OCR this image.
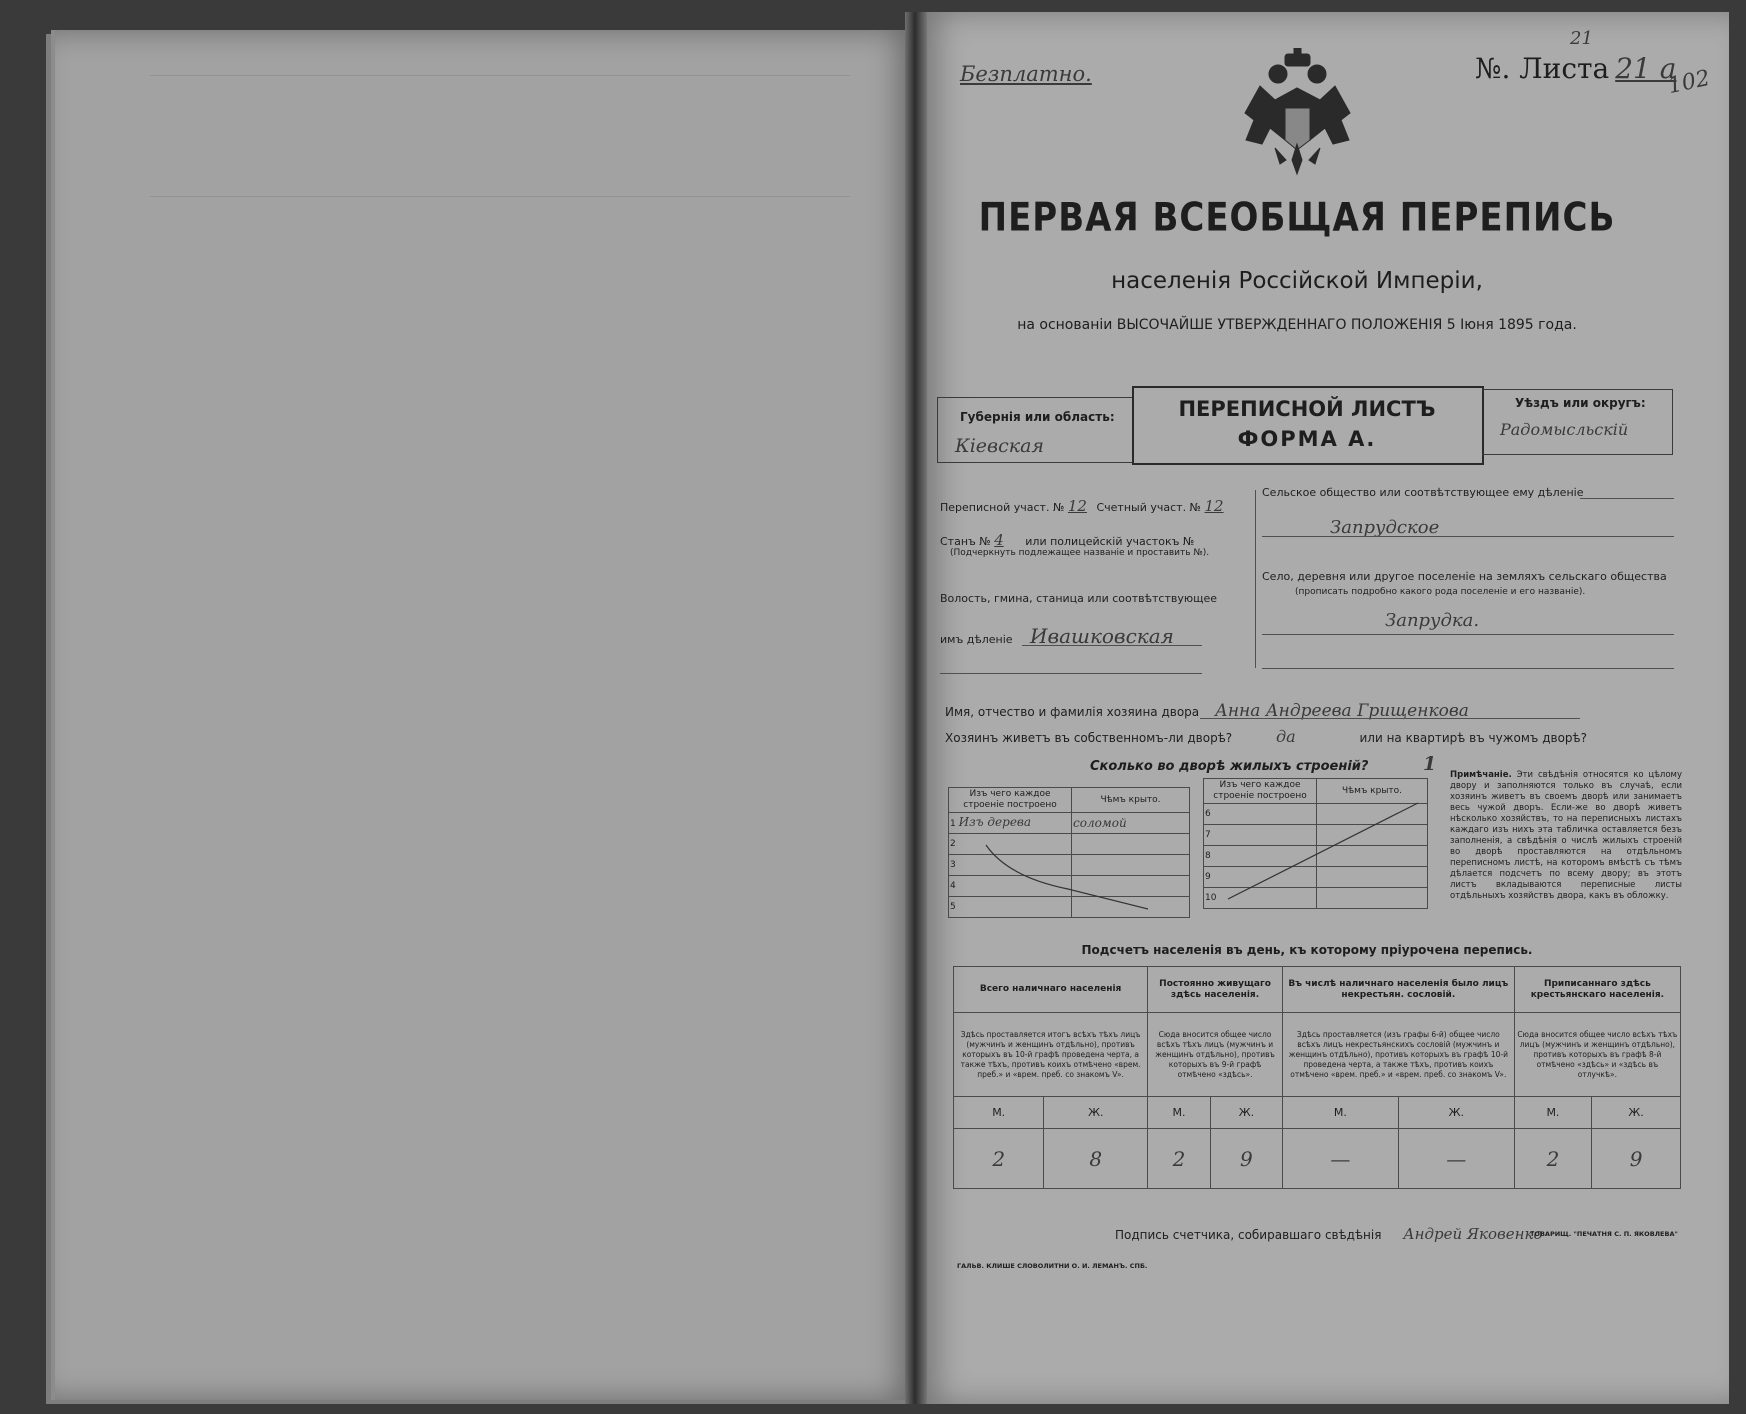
Безплатно.	№. Листа 21 а
21
102
ПЕРВАЯ ВСЕОБЩАЯ ПЕРЕПИСЬ
населенія Россійской Имперіи,
на основаніи ВЫСОЧАЙШЕ УТВЕРЖДЕННАГО ПОЛОЖЕНІЯ 5 Іюня 1895 года.
Губернія или область:
Кіевская
ПЕРЕПИСНОЙ ЛИСТЪ
ФОРМА А.
Уѣздъ или округъ:
Радомысльскій
Переписной участ. № 12 Счетный участ. № 12
Станъ № 4 или полицейскій участокъ №
(Подчеркнуть подлежащее названіе и проставить №).
Волость, гмина, станица или соотвѣтствующее
имъ дѣленіе Ивашковская
Сельское общество или соотвѣтствующее ему дѣленіе
Запрудское
Село, деревня или другое поселеніе на земляхъ сельскаго общества
(прописать подробно какого рода поселеніе и его названіе).
Запрудка.
Имя, отчество и фамилія хозяина двора Анна Андреева Грищенкова
Хозяинъ живетъ въ собственномъ-ли дворѣ?	да	или на квартирѣ въ чужомъ дворѣ?
Сколько во дворѣ жилыхъ строеній?	1
Изъ чего каждое строеніе построено	Чѣмъ крыто.
1 Изъ дерева	соломой
2	
3	
4	
5	
Изъ чего каждое строеніе построено	Чѣмъ крыто.
6	
7	
8	
9	
10	
Примѣчаніе. Эти свѣдѣнія относятся ко цѣлому двору и заполняются только въ случаѣ, если хозяинъ живетъ въ своемъ дворѣ или занимаетъ весь чужой дворъ. Если-же во дворѣ живетъ нѣсколько хозяйствъ, то на переписныхъ листахъ каждаго изъ нихъ эта табличка оставляется безъ заполненія, а свѣдѣнія о числѣ жилыхъ строеній во дворѣ проставляются на отдѣльномъ переписномъ листѣ, на которомъ вмѣстѣ съ тѣмъ дѣлается подсчетъ по всему двору; въ этотъ листъ вкладываются переписные листы отдѣльныхъ хозяйствъ двора, какъ въ обложку.
Подсчетъ населенія въ день, къ которому пріурочена перепись.
Всего наличнаго населенія		Постоянно живущаго здѣсь населенія.		Въ числѣ наличнаго населенія было лицъ некрестьян. сословій.		Приписаннаго здѣсь крестьянскаго населенія.	
Здѣсь проставляется итогъ всѣхъ тѣхъ лицъ (мужчинъ и женщинъ отдѣльно), противъ которыхъ въ 10-й графѣ проведена черта, а также тѣхъ, противъ коихъ отмѣчено «врем. преб.» и «врем. преб. со знакомъ V».		Сюда вносится общее число всѣхъ тѣхъ лицъ (мужчинъ и женщинъ отдѣльно), противъ которыхъ въ 9-й графѣ отмѣчено «здѣсь».		Здѣсь проставляется (изъ графы 6-й) общее число всѣхъ лицъ некрестьянскихъ сословій (мужчинъ и женщинъ отдѣльно), противъ которыхъ въ графѣ 10-й проведена черта, а также тѣхъ, противъ коихъ отмѣчено «врем. преб.» и «врем. преб. со знакомъ V».		Сюда вносится общее число всѣхъ тѣхъ лицъ (мужчинъ и женщинъ отдѣльно), противъ которыхъ въ графѣ 8-й отмѣчено «здѣсь» и «здѣсь въ отлучкѣ».	
М.	Ж.	М.	Ж.	М.	Ж.	М.	Ж.
2	8	2	9	—	—	2	9
Подпись счетчика, собиравшаго свѣдѣнія Андрей Яковенко
ГАЛЬВ. КЛИШЕ СЛОВОЛИТНИ О. И. ЛЕМАНЪ. СПБ.
ТОВАРИЩ. "ПЕЧАТНЯ С. П. ЯКОВЛЕВА"
